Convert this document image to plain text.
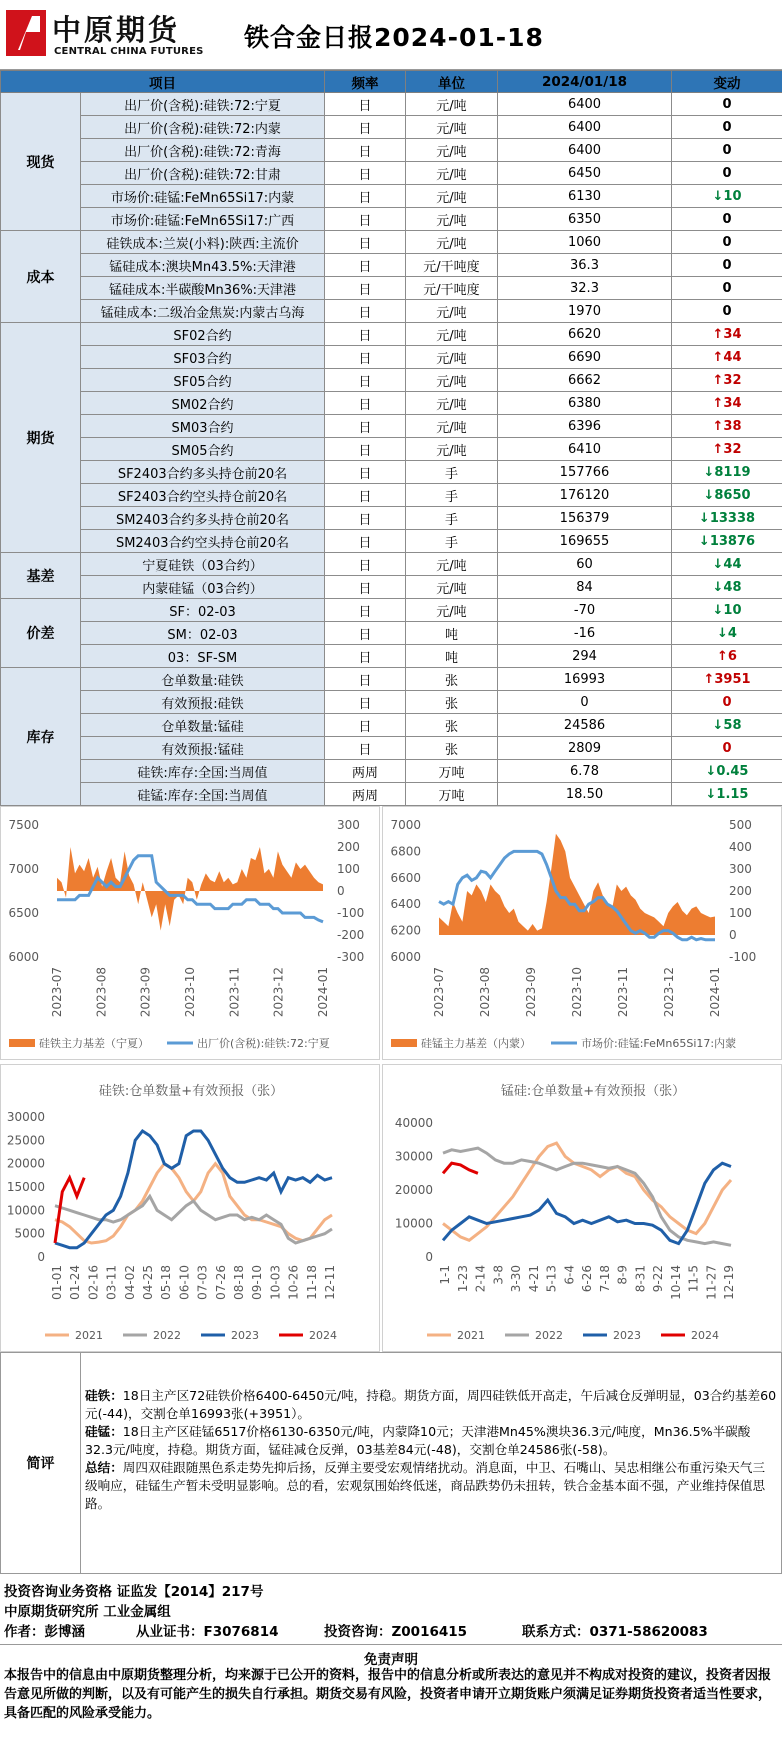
中原期货
CENTRAL CHINA FUTURES 铁合金日报2024-01-18
项目		频率	单位	2024/01/18	变动
现货	出厂价(含税):硅铁:72:宁夏	日	元/吨	6400	0
	出厂价(含税):硅铁:72:内蒙	日	元/吨	6400	0
	出厂价(含税):硅铁:72:青海	日	元/吨	6400	0
	出厂价(含税):硅铁:72:甘肃	日	元/吨	6450	0
	市场价:硅锰:FeMn65Si17:内蒙	日	元/吨	6130	↓10
	市场价:硅锰:FeMn65Si17:广西	日	元/吨	6350	0
成本	硅铁成本:兰炭(小料):陕西:主流价	日	元/吨	1060	0
	锰硅成本:澳块Mn43.5%:天津港	日	元/干吨度	36.3	0
	锰硅成本:半碳酸Mn36%:天津港	日	元/干吨度	32.3	0
	锰硅成本:二级冶金焦炭:内蒙古乌海	日	元/吨	1970	0
期货	SF02合约	日	元/吨	6620	↑34
	SF03合约	日	元/吨	6690	↑44
	SF05合约	日	元/吨	6662	↑32
	SM02合约	日	元/吨	6380	↑34
	SM03合约	日	元/吨	6396	↑38
	SM05合约	日	元/吨	6410	↑32
	SF2403合约多头持仓前20名	日	手	157766	↓8119
	SF2403合约空头持仓前20名	日	手	176120	↓8650
	SM2403合约多头持仓前20名	日	手	156379	↓13338
	SM2403合约空头持仓前20名	日	手	169655	↓13876
基差	宁夏硅铁（03合约）	日	元/吨	60	↓44
	内蒙硅锰（03合约）	日	元/吨	84	↓48
价差	SF：02-03	日	元/吨	-70	↓10
	SM：02-03	日	吨	-16	↓4
	03：SF-SM	日	吨	294	↑6
库存	仓单数量:硅铁	日	张	16993	↑3951
	有效预报:硅铁	日	张	0	0
	仓单数量:锰硅	日	张	24586	↓58
	有效预报:锰硅	日	张	2809	0
	硅铁:库存:全国:当周值	两周	万吨	6.78	↓0.45
	硅锰:库存:全国:当周值	两周	万吨	18.50	↓1.15
6000
6500
7000
7500
-300
-200
-100
0
100
200
300
2023-07	2023-08	2023-09	2023-10	2023-11	2023-12	2024-01
硅铁主力基差（宁夏）	出厂价(含税):硅铁:72:宁夏
6000
6200
6400
6600
6800
7000
-100
0
100
200
300
400
500
2023-07	2023-08	2023-09	2023-10	2023-11	2023-12	2024-01
硅锰主力基差（内蒙）	市场价:硅锰:FeMn65Si17:内蒙
硅铁:仓单数量+有效预报（张）
0
5000
10000
15000
20000
25000
30000
01-01 01-24 02-16 03-11 04-02 04-25 05-18 06-10 07-03 07-26 08-18 09-10 10-03 10-26 11-18 12-11
2021	2022	2023	2024
锰硅:仓单数量+有效预报（张）
0
10000
20000
30000
40000
1-1 1-23 2-14 3-8 3-30 4-21 5-13 6-4 6-26 7-18 8-9 8-31 9-22 10-14 11-5 11-27 12-19
2021	2022	2023	2024
简评
硅铁：18日主产区72硅铁价格6400-6450元/吨，持稳。期货方面，周四硅铁低开高走，午后减仓反弹明显，03合约基差60元(-44)，交割仓单16993张(+3951）。
硅锰：18日主产区硅锰6517价格6130-6350元/吨，内蒙降10元；天津港Mn45%澳块36.3元/吨度，Mn36.5%半碳酸32.3元/吨度，持稳。期货方面，锰硅减仓反弹，03基差84元(-48)，交割仓单24586张(-58)。
总结：周四双硅跟随黑色系走势先抑后扬，反弹主要受宏观情绪扰动。消息面，中卫、石嘴山、吴忠相继公布重污染天气三级响应，硅锰生产暂未受明显影响。总的看，宏观氛围始终低迷，商品跌势仍未扭转，铁合金基本面不强，产业维持保值思路。
投资咨询业务资格 证监发【2014】217号
中原期货研究所 工业金属组
作者：彭博涵	从业证书：F3076814	投资咨询：Z0016415	联系方式：0371-58620083
免责声明
本报告中的信息由中原期货整理分析，均来源于已公开的资料，报告中的信息分析或所表达的意见并不构成对投资的建议，投资者因报告意见所做的判断，以及有可能产生的损失自行承担。期货交易有风险，投资者申请开立期货账户须满足证券期货投资者适当性要求，具备匹配的风险承受能力。
